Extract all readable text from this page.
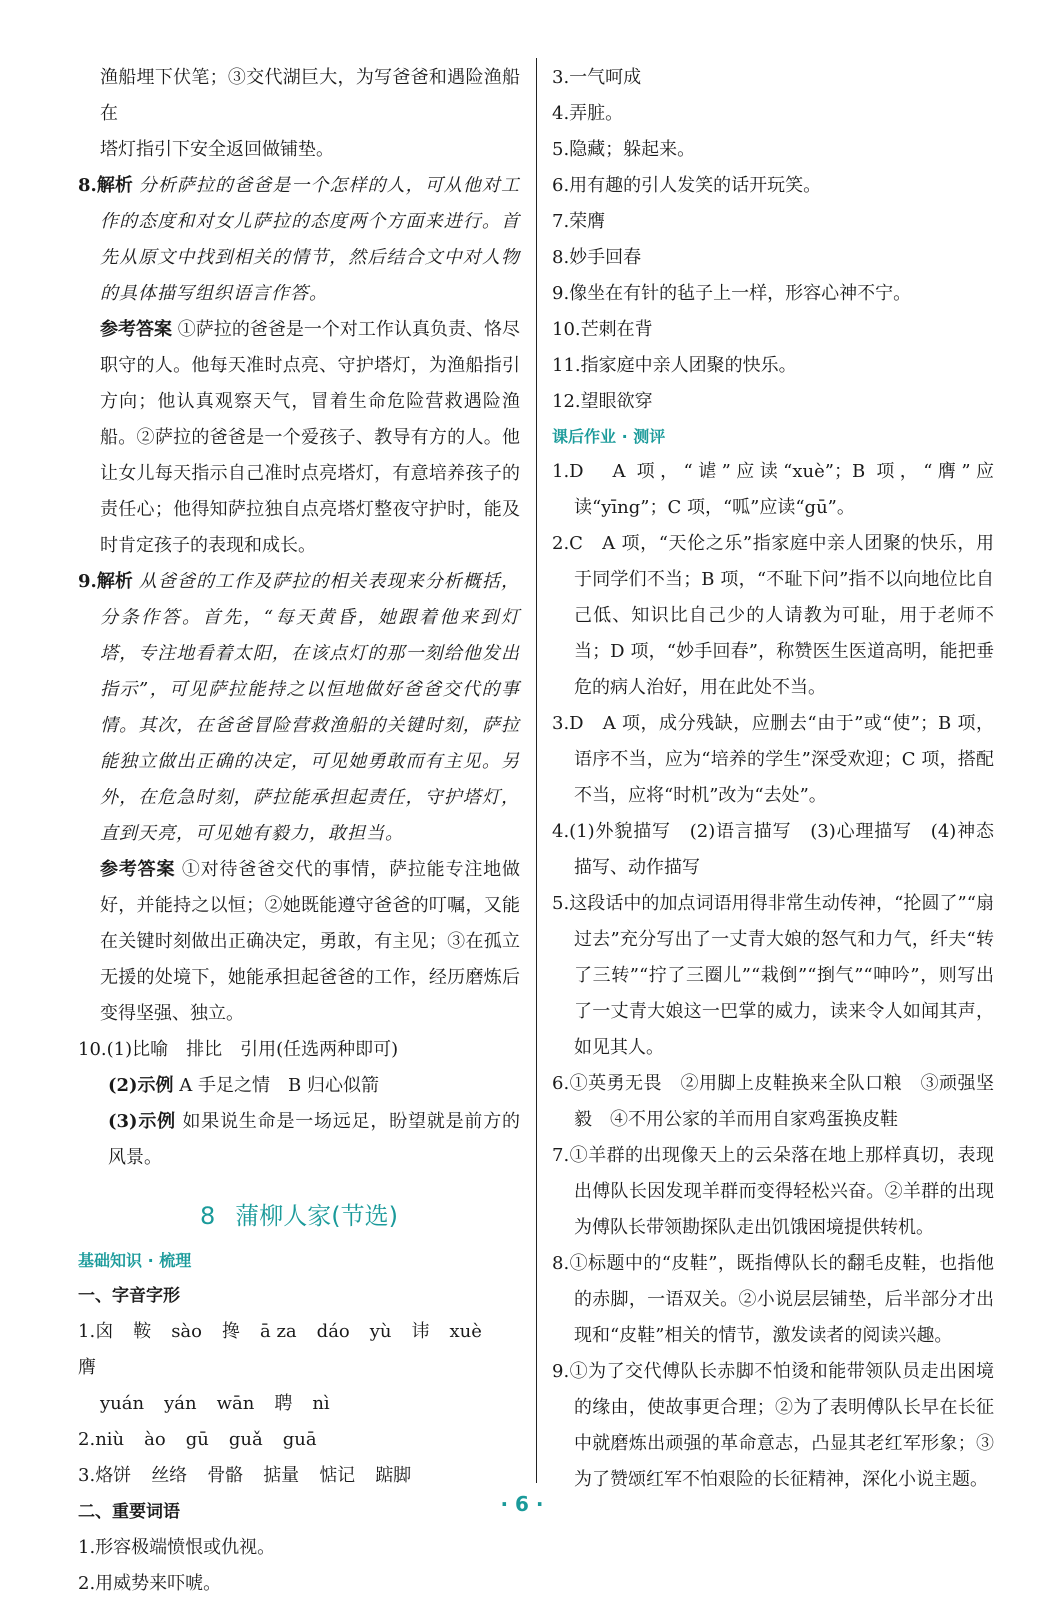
渔船埋下伏笔；③交代湖巨大，为写爸爸和遇险渔船在
塔灯指引下安全返回做铺垫。

8.解析 分析萨拉的爸爸是一个怎样的人，可从他对工作的态度和对女儿萨拉的态度两个方面来进行。首先从原文中找到相关的情节，然后结合文中对人物的具体描写组织语言作答。

参考答案 ①萨拉的爸爸是一个对工作认真负责、恪尽职守的人。他每天准时点亮、守护塔灯，为渔船指引方向；他认真观察天气，冒着生命危险营救遇险渔船。②萨拉的爸爸是一个爱孩子、教导有方的人。他让女儿每天指示自己准时点亮塔灯，有意培养孩子的责任心；他得知萨拉独自点亮塔灯整夜守护时，能及时肯定孩子的表现和成长。

9.解析 从爸爸的工作及萨拉的相关表现来分析概括，分条作答。首先，“每天黄昏，她跟着他来到灯塔，专注地看着太阳，在该点灯的那一刻给他发出指示”，可见萨拉能持之以恒地做好爸爸交代的事情。其次，在爸爸冒险营救渔船的关键时刻，萨拉能独立做出正确的决定，可见她勇敢而有主见。另外，在危急时刻，萨拉能承担起责任，守护塔灯，直到天亮，可见她有毅力，敢担当。

参考答案 ①对待爸爸交代的事情，萨拉能专注地做好，并能持之以恒；②她既能遵守爸爸的叮嘱，又能在关键时刻做出正确决定，勇敢，有主见；③在孤立无援的处境下，她能承担起爸爸的工作，经历磨炼后变得坚强、独立。

10.(1)比喻　排比　引用(任选两种即可)

(2)示例 A 手足之情　B 归心似箭

(3)示例 如果说生命是一场远足，盼望就是前方的风景。

8 蒲柳人家(节选)

基础知识 · 梳理

一、字音字形

1.囟 鞍 sào 搀 ā za dáo yù 讳 xuè膺

yuán yán wān 聘 nì

2.niù ào gū guǎ guā

3.烙饼 丝络 骨骼 掂量 惦记 踮脚

二、重要词语

1.形容极端愤恨或仇视。

2.用威势来吓唬。

3.一气呵成

4.弄脏。

5.隐藏；躲起来。

6.用有趣的引人发笑的话开玩笑。

7.荣膺

8.妙手回春

9.像坐在有针的毡子上一样，形容心神不宁。

10.芒刺在背

11.指家庭中亲人团聚的快乐。

12.望眼欲穿

课后作业 · 测评

1.D　A 项，“谑”应读“xuè”；B 项，“膺”应读“yīng”；C 项，“呱”应读“gū”。

2.C　A 项，“天伦之乐”指家庭中亲人团聚的快乐，用于同学们不当；B 项，“不耻下问”指不以向地位比自己低、知识比自己少的人请教为可耻，用于老师不当；D 项，“妙手回春”，称赞医生医道高明，能把垂危的病人治好，用在此处不当。

3.D　A 项，成分残缺，应删去“由于”或“使”；B 项，语序不当，应为“培养的学生”深受欢迎；C 项，搭配不当，应将“时机”改为“去处”。

4.(1)外貌描写　(2)语言描写　(3)心理描写　(4)神态描写、动作描写

5.这段话中的加点词语用得非常生动传神，“抡圆了”“扇过去”充分写出了一丈青大娘的怒气和力气，纤夫“转了三转”“拧了三圈儿”“栽倒”“捯气”“呻吟”，则写出了一丈青大娘这一巴掌的威力，读来令人如闻其声，如见其人。

6.①英勇无畏　②用脚上皮鞋换来全队口粮　③顽强坚毅　④不用公家的羊而用自家鸡蛋换皮鞋

7.①羊群的出现像天上的云朵落在地上那样真切，表现出傅队长因发现羊群而变得轻松兴奋。②羊群的出现为傅队长带领勘探队走出饥饿困境提供转机。

8.①标题中的“皮鞋”，既指傅队长的翻毛皮鞋，也指他的赤脚，一语双关。②小说层层铺垫，后半部分才出现和“皮鞋”相关的情节，激发读者的阅读兴趣。

9.①为了交代傅队长赤脚不怕烫和能带领队员走出困境的缘由，使故事更合理；②为了表明傅队长早在长征中就磨炼出顽强的革命意志，凸显其老红军形象；③为了赞颂红军不怕艰险的长征精神，深化小说主题。

· 6 ·
